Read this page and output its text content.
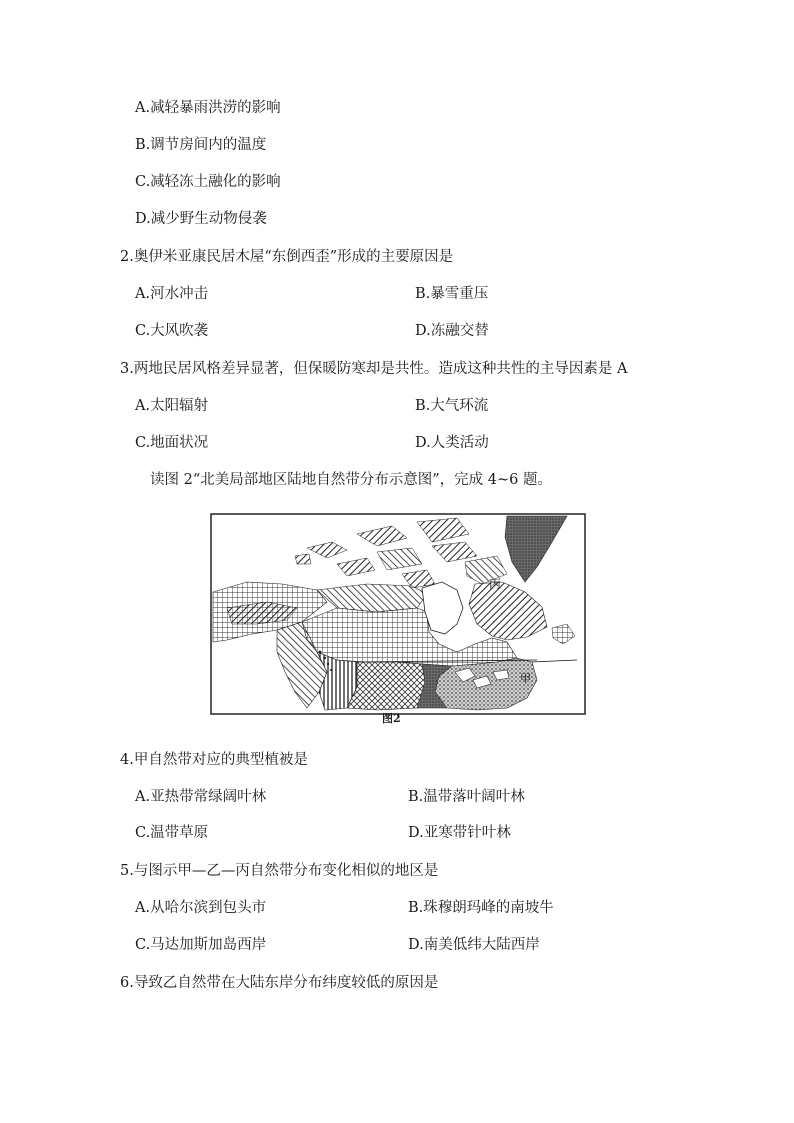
A.减轻暴雨洪涝的影响
B.调节房间内的温度
C.减轻冻土融化的影响
D.减少野生动物侵袭
2.奥伊米亚康民居木屋“东倒西歪”形成的主要原因是
A.河水冲击	B.暴雪重压
C.大风吹袭	D.冻融交替
3.两地民居风格差异显著，但保暖防寒却是共性。造成这种共性的主导因素是 A
A.太阳辐射	B.大气环流
C.地面状况	D.人类活动
读图 2“北美局部地区陆地自然带分布示意图”，完成 4~6 题。
丙
甲
图2
4.甲自然带对应的典型植被是
A.亚热带常绿阔叶林	B.温带落叶阔叶林
C.温带草原	D.亚寒带针叶林
5.与图示甲—乙—丙自然带分布变化相似的地区是
A.从哈尔滨到包头市	B.珠穆朗玛峰的南坡牛
C.马达加斯加岛西岸	D.南美低纬大陆西岸
6.导致乙自然带在大陆东岸分布纬度较低的原因是
